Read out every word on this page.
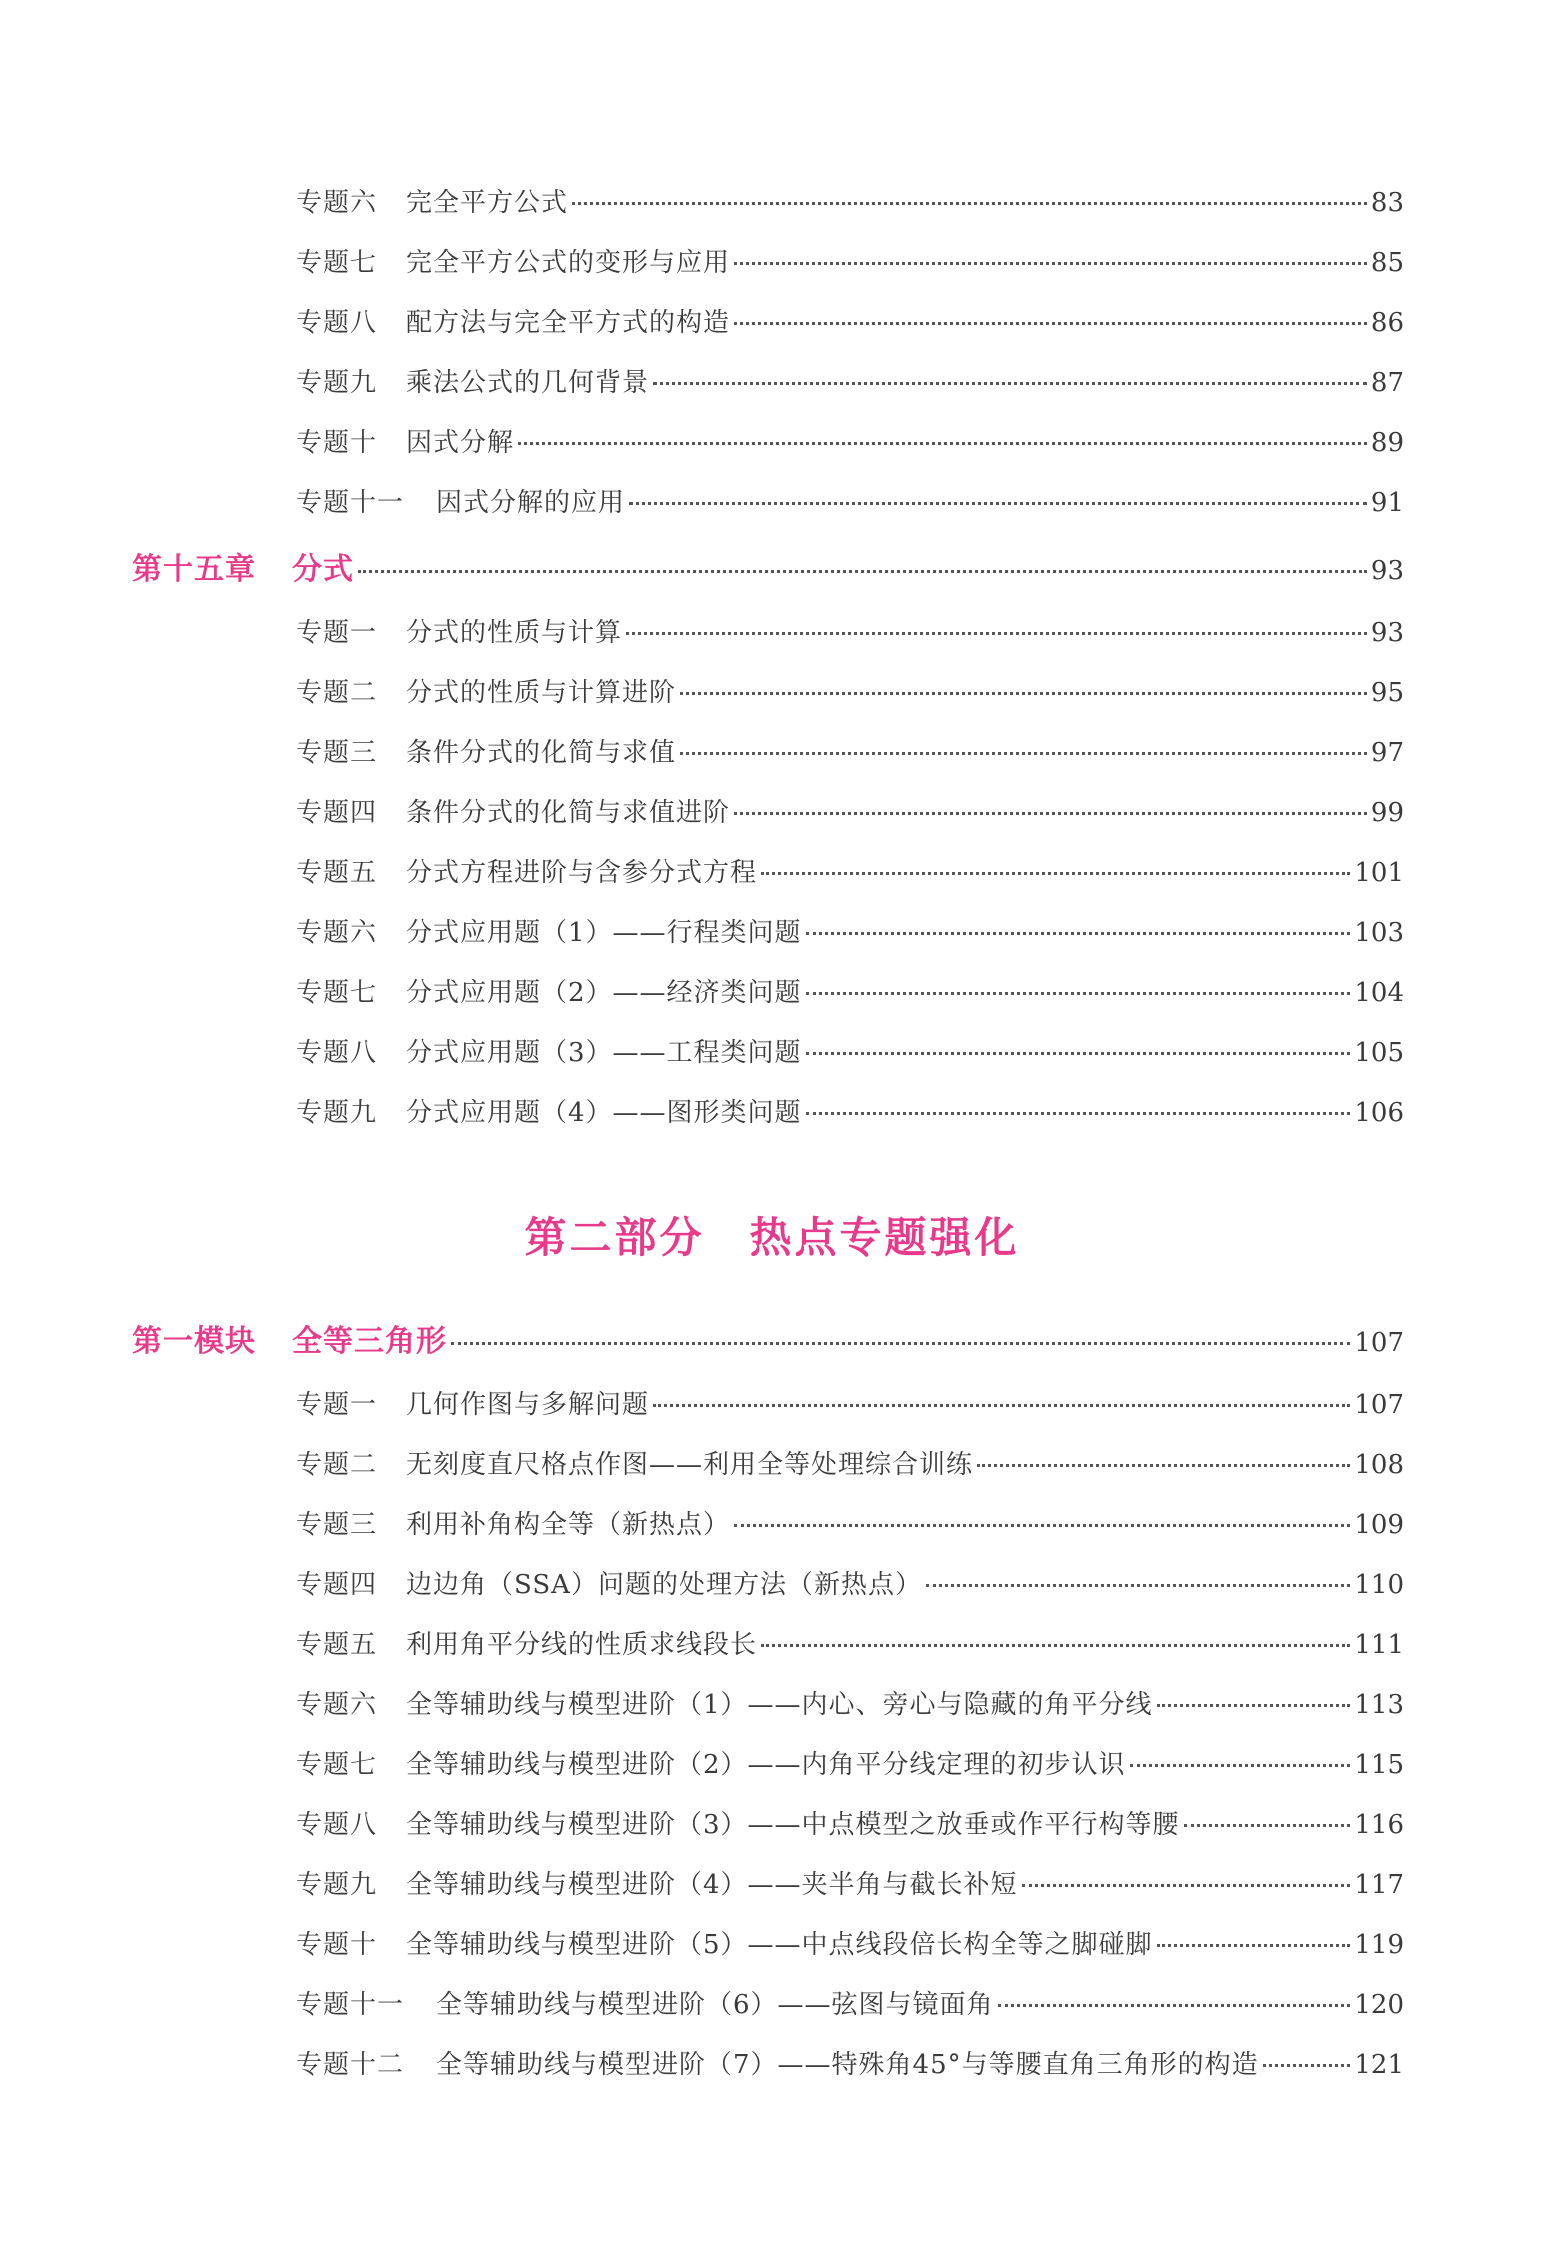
专题六	完全平方公式	83
专题七	完全平方公式的变形与应用	85
专题八	配方法与完全平方式的构造	86
专题九	乘法公式的几何背景	87
专题十	因式分解	89
专题十一	因式分解的应用	91
第十五章	分式	93
专题一	分式的性质与计算	93
专题二	分式的性质与计算进阶	95
专题三	条件分式的化简与求值	97
专题四	条件分式的化简与求值进阶	99
专题五	分式方程进阶与含参分式方程	101
专题六	分式应用题（1）——行程类问题	103
专题七	分式应用题（2）——经济类问题	104
专题八	分式应用题（3）——工程类问题	105
专题九	分式应用题（4）——图形类问题	106
第二部分　热点专题强化
第一模块	全等三角形	107
专题一	几何作图与多解问题	107
专题二	无刻度直尺格点作图——利用全等处理综合训练	108
专题三	利用补角构全等（新热点）	109
专题四	边边角（SSA）问题的处理方法（新热点）	110
专题五	利用角平分线的性质求线段长	111
专题六	全等辅助线与模型进阶（1）——内心、旁心与隐藏的角平分线	113
专题七	全等辅助线与模型进阶（2）——内角平分线定理的初步认识	115
专题八	全等辅助线与模型进阶（3）——中点模型之放垂或作平行构等腰	116
专题九	全等辅助线与模型进阶（4）——夹半角与截长补短	117
专题十	全等辅助线与模型进阶（5）——中点线段倍长构全等之脚碰脚	119
专题十一	全等辅助线与模型进阶（6）——弦图与镜面角	120
专题十二	全等辅助线与模型进阶（7）——特殊角45°与等腰直角三角形的构造	121
